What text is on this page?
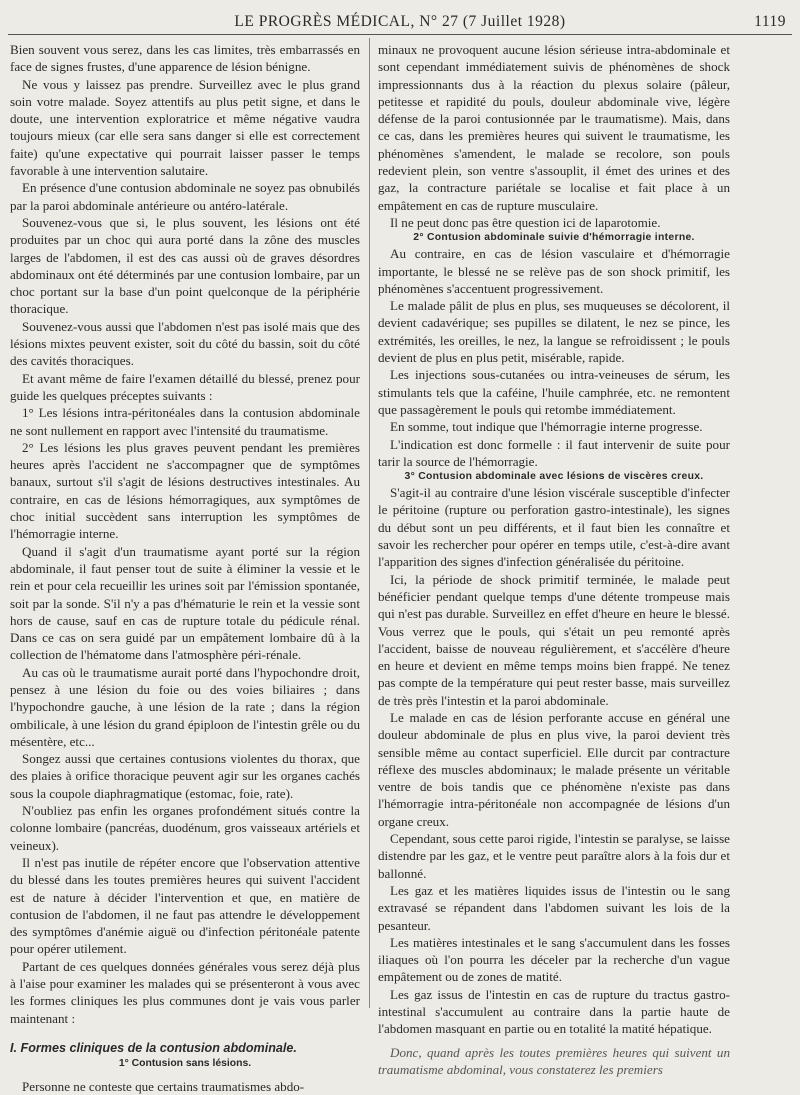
LE PROGRÈS MÉDICAL, N° 27 (7 Juillet 1928)	1119

Bien souvent vous serez, dans les cas limites, très embarrassés en face de signes frustes, d'une apparence de lésion bénigne.

Ne vous y laissez pas prendre. Surveillez avec le plus grand soin votre malade. Soyez attentifs au plus petit signe, et dans le doute, une intervention exploratrice et même négative vaudra toujours mieux (car elle sera sans danger si elle est correctement faite) qu'une expectative qui pourrait laisser passer le temps favorable à une intervention salutaire.

En présence d'une contusion abdominale ne soyez pas obnubilés par la paroi abdominale antérieure ou antéro-latérale.

Souvenez-vous que si, le plus souvent, les lésions ont été produites par un choc qui aura porté dans la zône des muscles larges de l'abdomen, il est des cas aussi où de graves désordres abdominaux ont été déterminés par une contusion lombaire, par un choc portant sur la base d'un point quelconque de la périphérie thoracique.

Souvenez-vous aussi que l'abdomen n'est pas isolé mais que des lésions mixtes peuvent exister, soit du côté du bassin, soit du côté des cavités thoraciques.

Et avant même de faire l'examen détaillé du blessé, prenez pour guide les quelques préceptes suivants :

1° Les lésions intra-péritonéales dans la contusion abdominale ne sont nullement en rapport avec l'intensité du traumatisme.

2° Les lésions les plus graves peuvent pendant les premières heures après l'accident ne s'accompagner que de symptômes banaux, surtout s'il s'agit de lésions destructives intestinales. Au contraire, en cas de lésions hémorragiques, aux symptômes de choc initial succèdent sans interruption les symptômes de l'hémorragie interne.

Quand il s'agit d'un traumatisme ayant porté sur la région abdominale, il faut penser tout de suite à éliminer la vessie et le rein et pour cela recueillir les urines soit par l'émission spontanée, soit par la sonde. S'il n'y a pas d'hématurie le rein et la vessie sont hors de cause, sauf en cas de rupture totale du pédicule rénal. Dans ce cas on sera guidé par un empâtement lombaire dû à la collection de l'hématome dans l'atmosphère péri-rénale.

Au cas où le traumatisme aurait porté dans l'hypochondre droit, pensez à une lésion du foie ou des voies biliaires ; dans l'hypochondre gauche, à une lésion de la rate ; dans la région ombilicale, à une lésion du grand épiploon de l'intestin grêle ou du mésentère, etc...

Songez aussi que certaines contusions violentes du thorax, que des plaies à orifice thoracique peuvent agir sur les organes cachés sous la coupole diaphragmatique (estomac, foie, rate).

N'oubliez pas enfin les organes profondément situés contre la colonne lombaire (pancréas, duodénum, gros vaisseaux artériels et veineux).

Il n'est pas inutile de répéter encore que l'observation attentive du blessé dans les toutes premières heures qui suivent l'accident est de nature à décider l'intervention et que, en matière de contusion de l'abdomen, il ne faut pas attendre le développement des symptômes d'anémie aiguë ou d'infection péritonéale patente pour opérer utilement.

Partant de ces quelques données générales vous serez déjà plus à l'aise pour examiner les malades qui se présenteront à vous avec les formes cliniques les plus communes dont je vais vous parler maintenant :

I. Formes cliniques de la contusion abdominale.
1° Contusion sans lésions.

Personne ne conteste que certains traumatismes abdo-

minaux ne provoquent aucune lésion sérieuse intra-abdominale et sont cependant immédiatement suivis de phénomènes de shock impressionnants dus à la réaction du plexus solaire (pâleur, petitesse et rapidité du pouls, douleur abdominale vive, légère défense de la paroi contusionnée par le traumatisme). Mais, dans ce cas, dans les premières heures qui suivent le traumatisme, les phénomènes s'amendent, le malade se recolore, son pouls redevient plein, son ventre s'assouplit, il émet des urines et des gaz, la contracture pariétale se localise et fait place à un empâtement en cas de rupture musculaire.

Il ne peut donc pas être question ici de laparotomie.

2° Contusion abdominale suivie d'hémorragie interne.

Au contraire, en cas de lésion vasculaire et d'hémorragie importante, le blessé ne se relève pas de son shock primitif, les phénomènes s'accentuent progressivement.

Le malade pâlit de plus en plus, ses muqueuses se décolorent, il devient cadavérique; ses pupilles se dilatent, le nez se pince, les extrémités, les oreilles, le nez, la langue se refroidissent ; le pouls devient de plus en plus petit, misérable, rapide.

Les injections sous-cutanées ou intra-veineuses de sérum, les stimulants tels que la caféine, l'huile camphrée, etc. ne remontent que passagèrement le pouls qui retombe immédiatement.

En somme, tout indique que l'hémorragie interne progresse.

L'indication est donc formelle : il faut intervenir de suite pour tarir la source de l'hémorragie.

3° Contusion abdominale avec lésions de viscères creux.

S'agit-il au contraire d'une lésion viscérale susceptible d'infecter le péritoine (rupture ou perforation gastro-intestinale), les signes du début sont un peu différents, et il faut bien les connaître et savoir les rechercher pour opérer en temps utile, c'est-à-dire avant l'apparition des signes d'infection généralisée du péritoine.

Ici, la période de shock primitif terminée, le malade peut bénéficier pendant quelque temps d'une détente trompeuse mais qui n'est pas durable. Surveillez en effet d'heure en heure le blessé. Vous verrez que le pouls, qui s'était un peu remonté après l'accident, baisse de nouveau régulièrement, et s'accélère d'heure en heure et devient en même temps moins bien frappé. Ne tenez pas compte de la température qui peut rester basse, mais surveillez de très près l'intestin et la paroi abdominale.

Le malade en cas de lésion perforante accuse en général une douleur abdominale de plus en plus vive, la paroi devient très sensible même au contact superficiel. Elle durcit par contracture réflexe des muscles abdominaux; le malade présente un véritable ventre de bois tandis que ce phénomène n'existe pas dans l'hémorragie intra-péritonéale non accompagnée de lésions d'un organe creux.

Cependant, sous cette paroi rigide, l'intestin se paralyse, se laisse distendre par les gaz, et le ventre peut paraître alors à la fois dur et ballonné.

Les gaz et les matières liquides issus de l'intestin ou le sang extravasé se répandent dans l'abdomen suivant les lois de la pesanteur.

Les matières intestinales et le sang s'accumulent dans les fosses iliaques où l'on pourra les déceler par la recherche d'un vague empâtement ou de zones de matité.

Les gaz issus de l'intestin en cas de rupture du tractus gastro-intestinal s'accumulent au contraire dans la partie haute de l'abdomen masquant en partie ou en totalité la matité hépatique.

Donc, quand après les toutes premières heures qui suivent un traumatisme abdominal, vous constaterez les premiers
